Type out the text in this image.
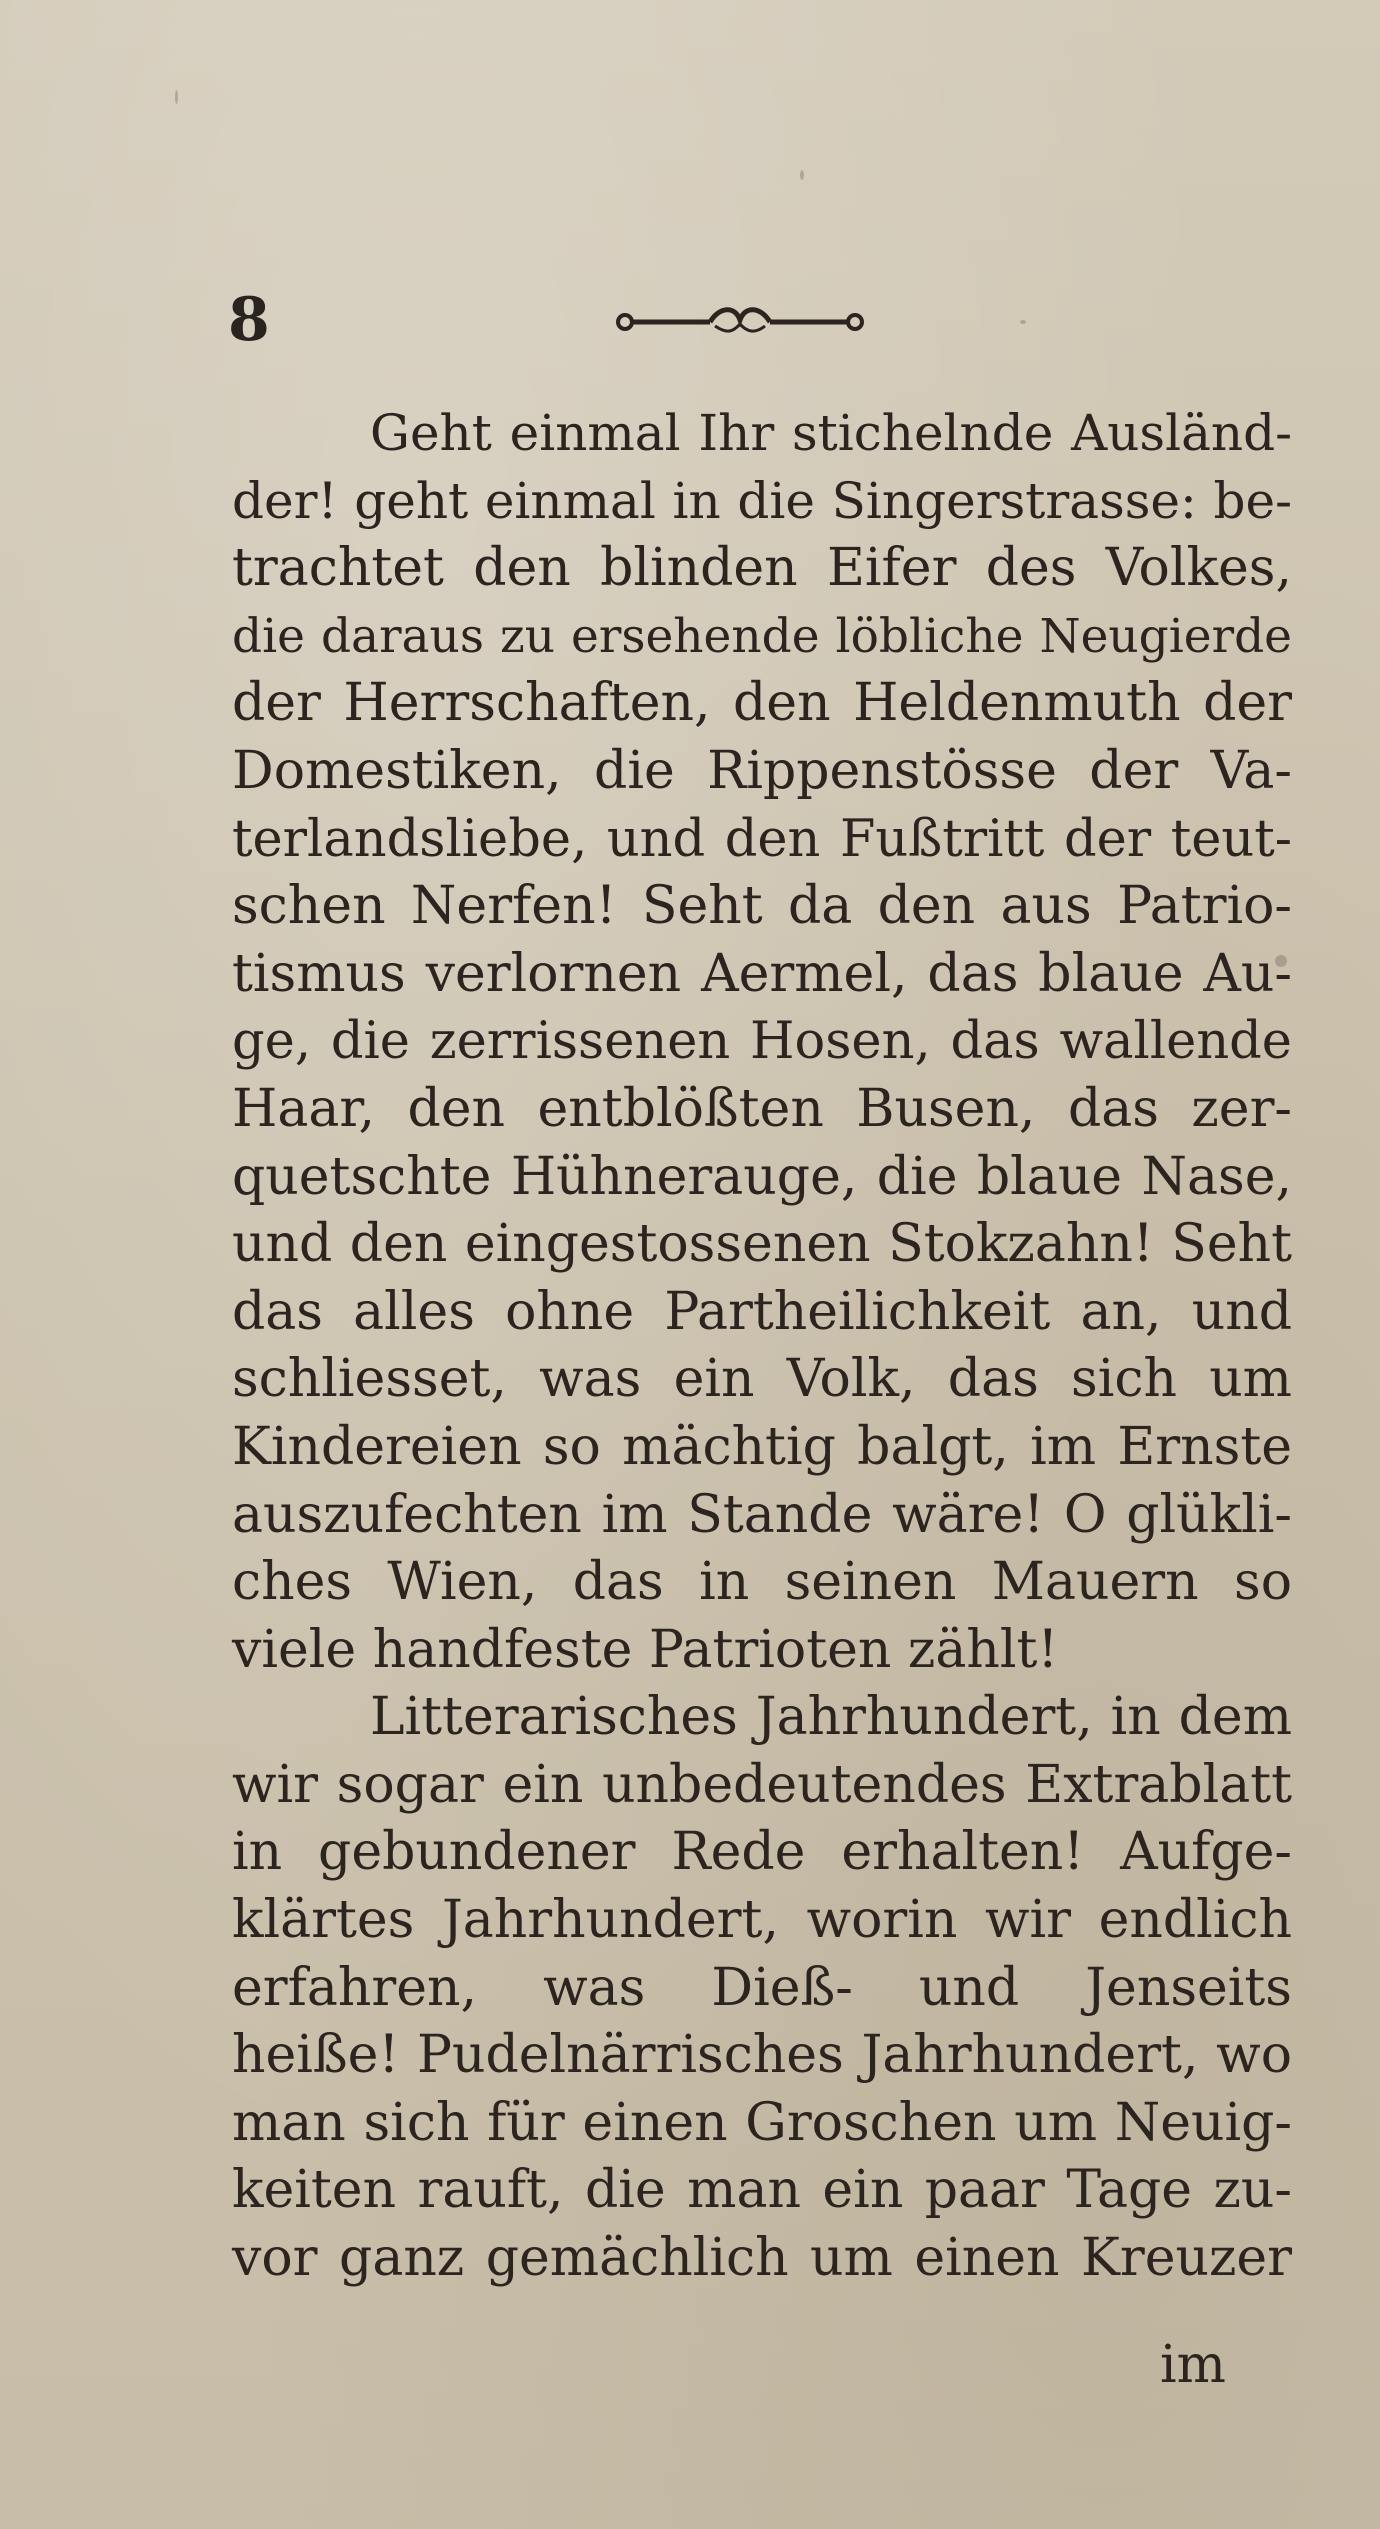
8
Geht einmal Ihr stichelnde Ausländ-
der! geht einmal in die Singerstrasse: be-
trachtet den blinden Eifer des Volkes,
die daraus zu ersehende löbliche Neugierde
der Herrschaften, den Heldenmuth der
Domestiken, die Rippenstösse der Va-
terlandsliebe, und den Fußtritt der teut-
schen Nerfen! Seht da den aus Patrio-
tismus verlornen Aermel, das blaue Au-
ge, die zerrissenen Hosen, das wallende
Haar, den entblößten Busen, das zer-
quetschte Hühnerauge, die blaue Nase,
und den eingestossenen Stokzahn! Seht
das alles ohne Partheilichkeit an, und
schliesset, was ein Volk, das sich um
Kindereien so mächtig balgt, im Ernste
auszufechten im Stande wäre! O glükli-
ches Wien, das in seinen Mauern so
viele handfeste Patrioten zählt!
Litterarisches Jahrhundert, in dem
wir sogar ein unbedeutendes Extrablatt
in gebundener Rede erhalten! Aufge-
klärtes Jahrhundert, worin wir endlich
erfahren, was Dieß- und Jenseits
heiße! Pudelnärrisches Jahrhundert, wo
man sich für einen Groschen um Neuig-
keiten rauft, die man ein paar Tage zu-
vor ganz gemächlich um einen Kreuzer
im
